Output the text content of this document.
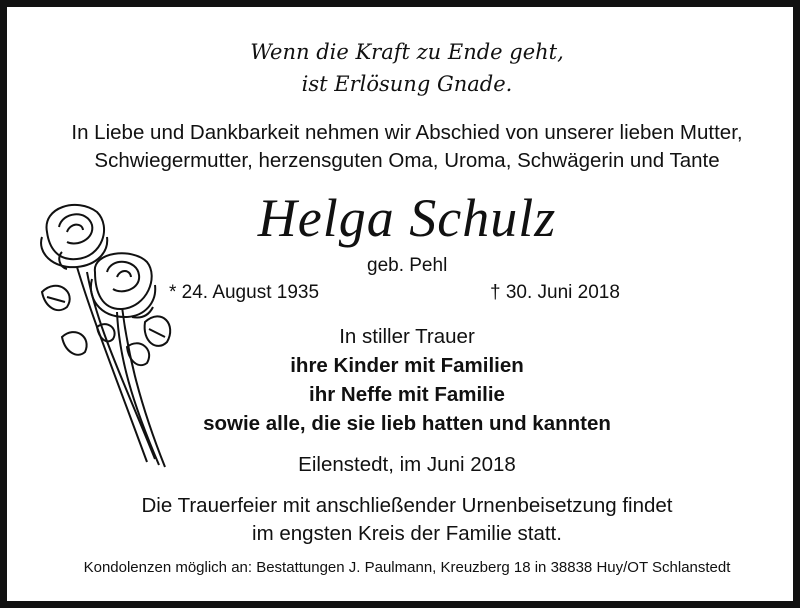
Wenn die Kraft zu Ende geht,
ist Erlösung Gnade.
In Liebe und Dankbarkeit nehmen wir Abschied von unserer lieben Mutter,
Schwiegermutter, herzensguten Oma, Uroma, Schwägerin und Tante
Helga Schulz
geb. Pehl
* 24. August 1935	† 30. Juni 2018
In stiller Trauer
ihre Kinder mit Familien
ihr Neffe mit Familie
sowie alle, die sie lieb hatten und kannten
Eilenstedt, im Juni 2018
Die Trauerfeier mit anschließender Urnenbeisetzung findet
im engsten Kreis der Familie statt.
Kondolenzen möglich an: Bestattungen J. Paulmann, Kreuzberg 18 in 38838 Huy/OT Schlanstedt
